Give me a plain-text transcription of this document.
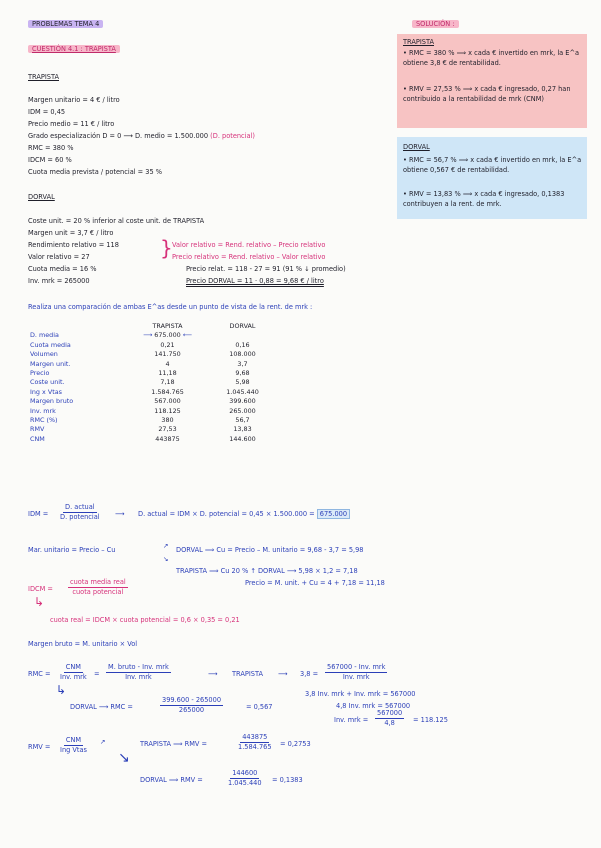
PROBLEMAS TEMA 4
CUESTIÓN 4.1 : TRAPISTA
SOLUCIÓN :
TRAPISTA
Margen unitario = 4 € / litro
IDM = 0,45
Precio medio = 11 € / litro
Grado especialización D = 0 ⟶ D. medio = 1.500.000 (D. potencial)
RMC = 380 %
IDCM = 60 %
Cuota media prevista / potencial = 35 %
DORVAL
Coste unit. = 20 % inferior al coste unit. de TRAPISTA
Margen unit = 3,7 € / litro
Rendimiento relativo = 118
Valor relativo = 27
Cuota media = 16 %
Inv. mrk = 265000
} Valor relativo = Rend. relativo – Precio relativo
Precio relativo = Rend. relativo – Valor relativo
Precio relat. = 118 - 27 = 91 (91 % ↓ promedio)
Precio DORVAL = 11 · 0,88 = 9,68 € / litro
TRAPISTA
• RMC = 380 % ⟹ x cada € invertido en mrk, la E^a obtiene 3,8 € de rentabilidad.
• RMV = 27,53 % ⟹ x cada € ingresado, 0,27 han contribuido a la rentabilidad de mrk (CNM)
DORVAL
• RMC = 56,7 % ⟹ x cada € invertido en mrk, la E^a obtiene 0,567 € de rentabilidad.
• RMV = 13,83 % ⟹ x cada € ingresado, 0,1383 contribuyen a la rent. de mrk.
Realiza una comparación de ambas E^as desde un punto de vista de la rent. de mrk :
	TRAPISTA	DORVAL
D. media	⟶ 675.000 ⟵	
Cuota media	0,21	0,16
Volumen	141.750	108.000
Margen unit.	4	3,7
Precio	11,18	9,68
Coste unit.	7,18	5,98
Ing x Vtas	1.584.765	1.045.440
Margen bruto	567.000	399.600
Inv. mrk	118.125	265.000
RMC (%)	380	56,7
RMV	27,53	13,83
CNM	443875	144.600
IDM =
D. actual
D. potencial ⟶ D. actual = IDM × D. potencial = 0,45 × 1.500.000 = 675.000
Mar. unitario = Precio – Cu	↗
↘
DORVAL ⟹ Cu = Precio – M. unitario = 9,68 - 3,7 = 5,98
TRAPISTA ⟹ Cu 20 % ↑ DORVAL ⟶ 5,98 × 1,2 = 7,18
Precio = M. unit. + Cu = 4 + 7,18 = 11,18
IDCM =
cuota media real
cuota potencial
↳
cuota real = IDCM × cuota potencial = 0,6 × 0,35 = 0,21
Margen bruto = M. unitario × Vol
RMC =
CNM
Inv. mrk =
M. bruto - Inv. mrk
Inv. mrk	⟶ TRAPISTA ⟶ 3,8 =
567000 - Inv. mrk
Inv. mrk
3,8 Inv. mrk + Inv. mrk = 567000
4,8 Inv. mrk = 567000
Inv. mrk = $\frac{567000}{4,8} = 118.125$
↳
DORVAL ⟶ RMC =	$\frac{399.600 - 265000}{265000}$	= 0,567
RMV =
CNM
Ing Vtas
↗
↘
TRAPISTA ⟹ RMV =	$\frac{443875}{1.584.765} = 0,2753$
DORVAL ⟹ RMV =	$\frac{144600}{1.045.440} = 0,1383$
